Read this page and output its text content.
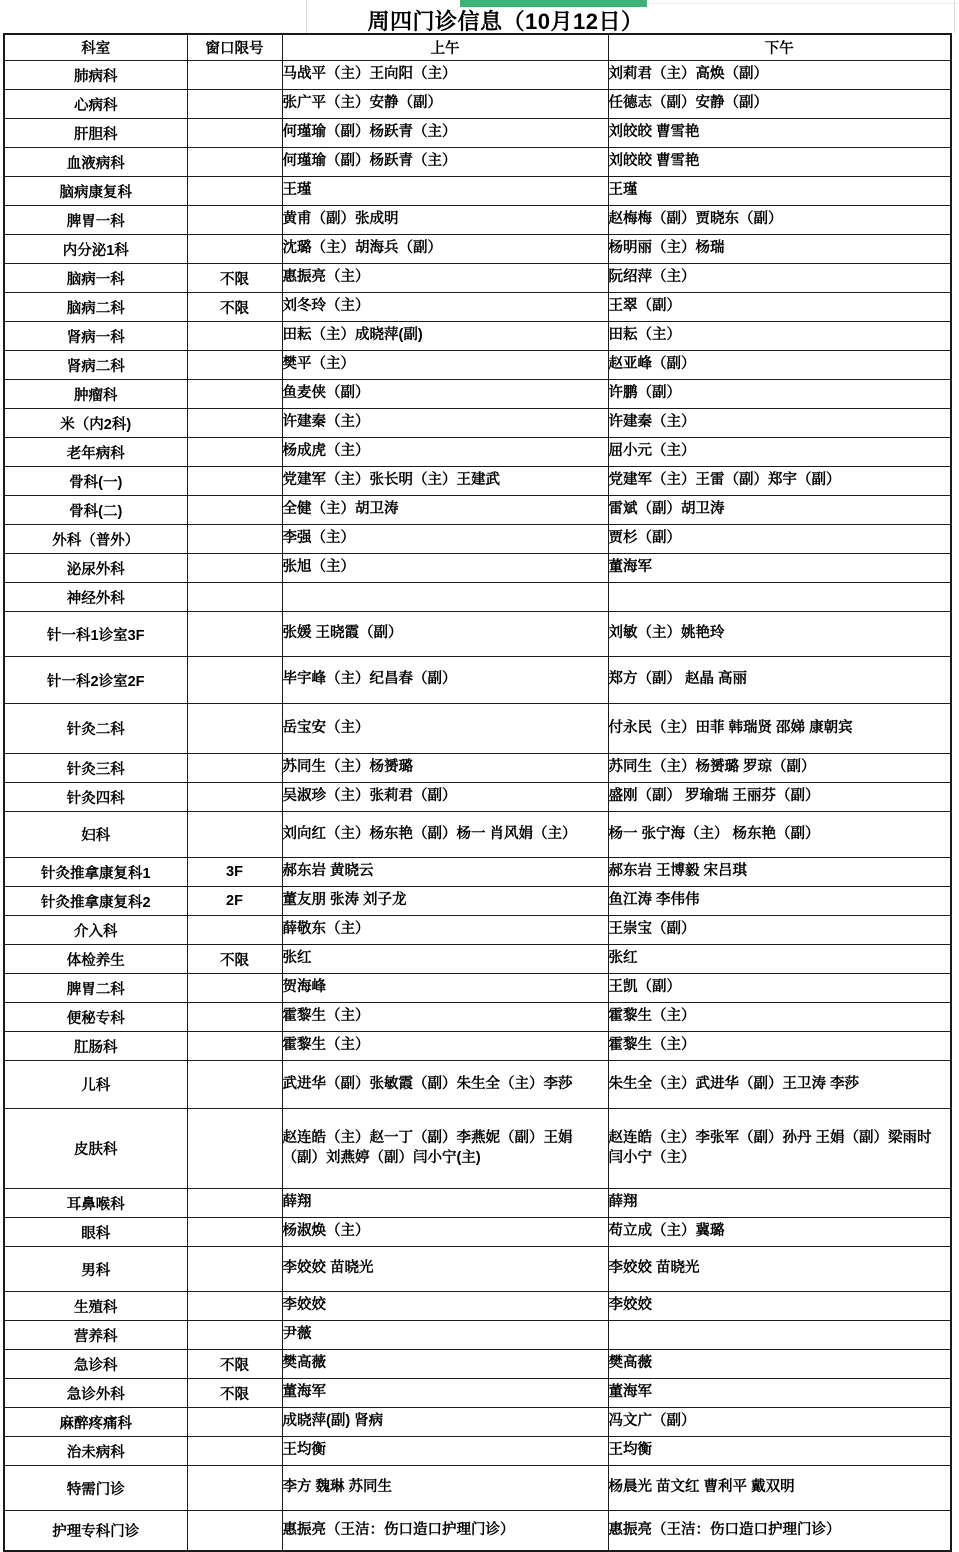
周四门诊信息（10月12日）
科室	窗口限号	上午	下午
肺病科		马战平（主）王向阳（主）	刘莉君（主）高焕（副）
心病科		张广平（主）安静（副）	任德志（副）安静（副）
肝胆科		何瑾瑜（副）杨跃青（主）	刘皎皎 曹雪艳
血液病科		何瑾瑜（副）杨跃青（主）	刘皎皎 曹雪艳
脑病康复科		王瑾	王瑾
脾胃一科		黄甫（副）张成明	赵梅梅（副）贾晓东（副）
内分泌1科		沈璐（主）胡海兵（副）	杨明丽（主）杨瑞
脑病一科	不限	惠振亮（主）	阮绍萍（主）
脑病二科	不限	刘冬玲（主）	王翠（副）
肾病一科		田耘（主）成晓萍(副)	田耘（主）
肾病二科		樊平（主）	赵亚峰（副）
肿瘤科		鱼麦侠（副）	许鹏（副）
米（内2科)		许建秦（主）	许建秦（主）
老年病科		杨成虎（主）	屈小元（主）
骨科(一)		党建军（主）张长明（主）王建武	党建军（主）王雷（副）郑宇（副）
骨科(二)		全健（主）胡卫涛	雷斌（副）胡卫涛
外科（普外）		李强（主）	贾杉（副）
泌尿外科		张旭（主）	董海军
神经外科			
针一科1诊室3F		张媛 王晓霞（副）	刘敏（主）姚艳玲
针一科2诊室2F		毕宇峰（主）纪昌春（副）	郑方（副） 赵晶 高丽
针灸二科		岳宝安（主）	付永民（主）田菲 韩瑞贤 邵娣 康朝宾
针灸三科		苏同生（主）杨赟璐	苏同生（主）杨赟璐 罗琼（副）
针灸四科		吴淑珍（主）张莉君（副）	盛刚（副） 罗瑜瑞 王丽芬（副）
妇科		刘向红（主）杨东艳（副）杨一 肖风娟（主）	杨一 张宁海（主） 杨东艳（副）
针灸推拿康复科1	3F	郝东岩 黄晓云	郝东岩 王博毅 宋吕琪
针灸推拿康复科2	2F	董友朋 张涛 刘子龙	鱼江涛 李伟伟
介入科		薛敬东（主）	王崇宝（副）
体检养生	不限	张红	张红
脾胃二科		贺海峰	王凯（副）
便秘专科		霍黎生（主）	霍黎生（主）
肛肠科		霍黎生（主）	霍黎生（主）
儿科		武进华（副）张敏霞（副）朱生全（主）李莎	朱生全（主）武进华（副）王卫涛 李莎
皮肤科		赵连皓（主）赵一丁（副）李燕妮（副）王娟（副）刘燕婷（副）闫小宁(主)	赵连皓（主）李张军（副）孙丹 王娟（副）梁雨时 闫小宁（主）
耳鼻喉科		薛翔	薛翔
眼科		杨淑焕（主）	苟立成（主）冀璐
男科		李姣姣 苗晓光	李姣姣 苗晓光
生殖科		李姣姣	李姣姣
营养科		尹薇	
急诊科	不限	樊高薇	樊高薇
急诊外科	不限	董海军	董海军
麻醉疼痛科		成晓萍(副) 肾病	冯文广（副）
治未病科		王均衡	王均衡
特需门诊		李方 魏琳 苏同生	杨晨光 苗文红 曹利平 戴双明
护理专科门诊		惠振亮（王洁：伤口造口护理门诊）	惠振亮（王洁：伤口造口护理门诊）
